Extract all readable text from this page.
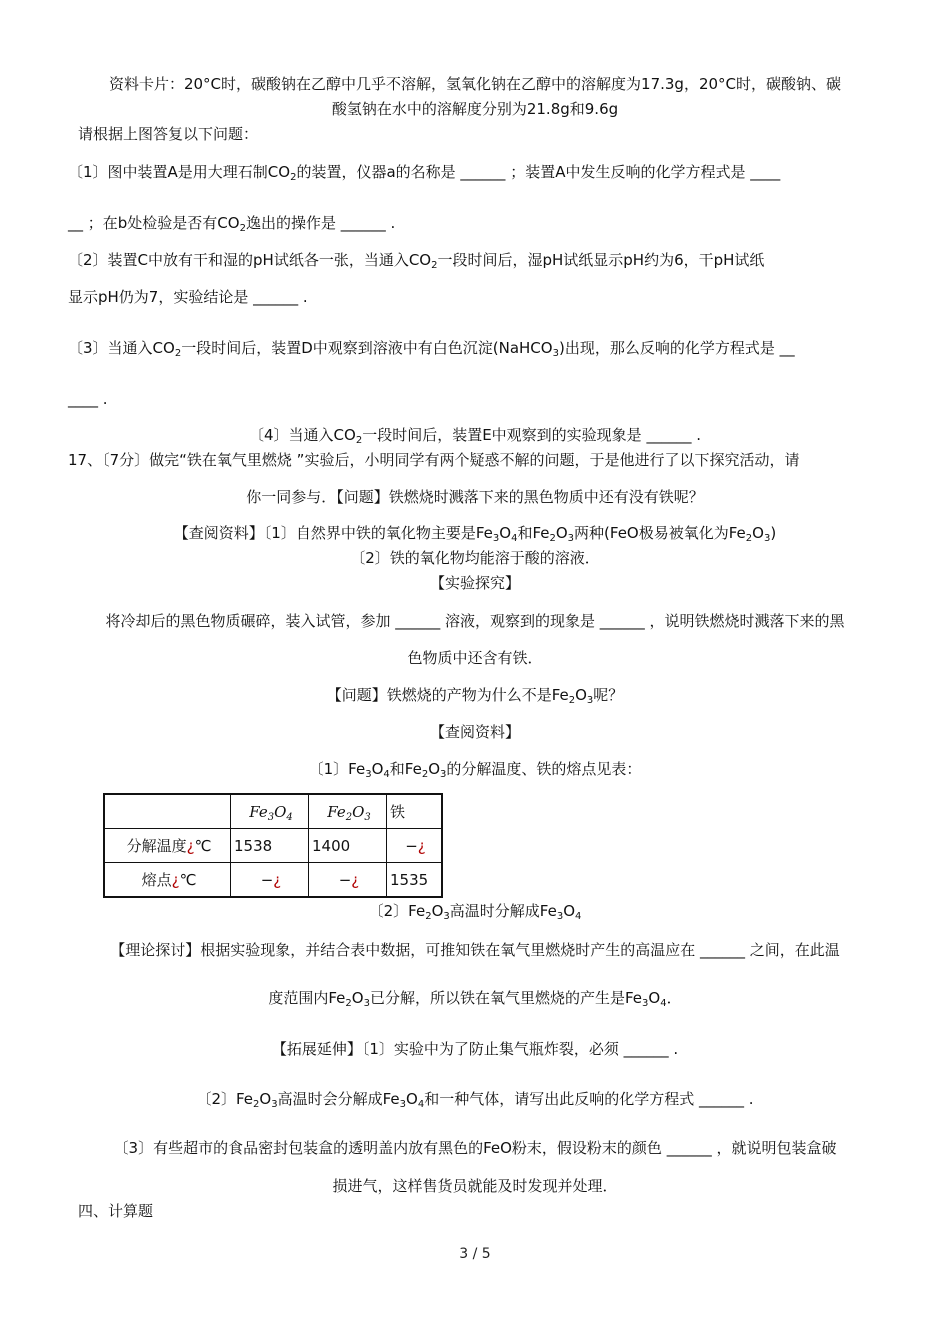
资料卡片：20°C时，碳酸钠在乙醇中几乎不溶解，氢氧化钠在乙醇中的溶解度为17.3g，20°C时，碳酸钠、碳
酸氢钠在水中的溶解度分别为21.8g和9.6g
请根据上图答复以下问题：
〔1〕图中装置A是用大理石制$CO_2$的装置，仪器a的名称是 ______ ；装置A中发生反响的化学方程式是 ____
__ ；在b处检验是否有$CO_2$逸出的操作是 ______ .
〔2〕装置C中放有干和湿的pH试纸各一张，当通入$CO_2$一段时间后，湿pH试纸显示pH约为6，干pH试纸
显示pH仍为7，实验结论是 ______ .
〔3〕当通入$CO_2$一段时间后，装置D中观察到溶液中有白色沉淀(NaHCO$_3$)出现，那么反响的化学方程式是 __
____ .
〔4〕当通入$CO_2$一段时间后，装置E中观察到的实验现象是 ______ .
17、〔7分〕做完“铁在氧气里燃烧 ”实验后，小明同学有两个疑惑不解的问题，于是他进行了以下探究活动，请
你一同参与．【问题】铁燃烧时溅落下来的黑色物质中还有没有铁呢？
【查阅资料】〔1〕自然界中铁的氧化物主要是$Fe_3O_4$和$Fe_2O_3$两种(FeO极易被氧化为$Fe_2O_3$)
〔2〕铁的氧化物均能溶于酸的溶液．
【实验探究】
将冷却后的黑色物质碾碎，装入试管，参加 ______ 溶液，观察到的现象是 ______ ，说明铁燃烧时溅落下来的黑
色物质中还含有铁．
【问题】铁燃烧的产物为什么不是$Fe_2O_3$呢？
【查阅资料】
〔1〕$Fe_3O_4$和$Fe_2O_3$的分解温度、铁的熔点见表：
	$Fe_3O_4$	$Fe_2O_3$	铁
分解温度¿℃	1538	1400	−¿
熔点¿℃	−¿	−¿	1535
〔2〕$Fe_2O_3$高温时分解成$Fe_3O_4$
【理论探讨】根据实验现象，并结合表中数据，可推知铁在氧气里燃烧时产生的高温应在 ______ 之间，在此温
度范围内$Fe_2O_3$已分解，所以铁在氧气里燃烧的产生是$Fe_3O_4$．
【拓展延伸】〔1〕实验中为了防止集气瓶炸裂，必须 ______ .
〔2〕$Fe_2O_3$高温时会分解成$Fe_3O_4$和一种气体，请写出此反响的化学方程式 ______ .
〔3〕有些超市的食品密封包装盒的透明盖内放有黑色的FeO粉末，假设粉末的颜色 ______ ，就说明包装盒破
损进气，这样售货员就能及时发现并处理．
四、计算题
3 / 5
